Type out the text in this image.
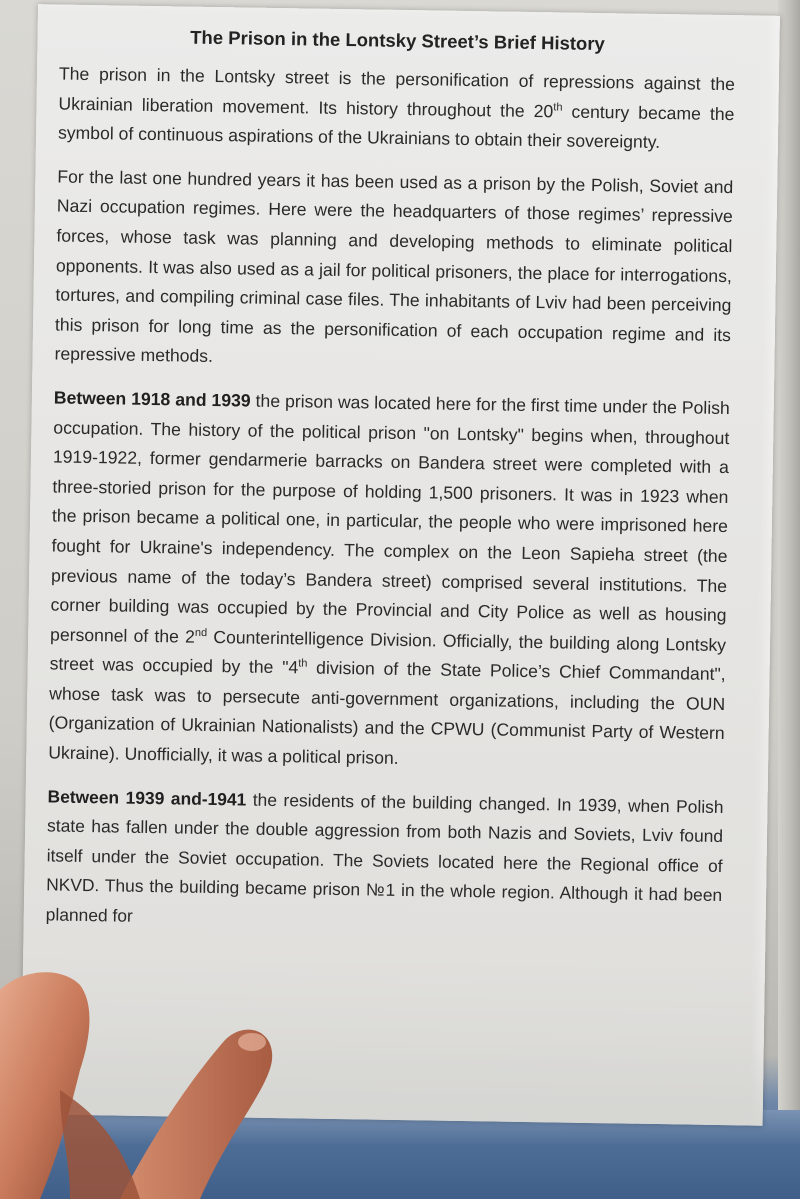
The Prison in the Lontsky Street’s Brief History

The prison in the Lontsky street is the personification of repressions against the Ukrainian liberation movement. Its history throughout the 20th century became the symbol of continuous aspirations of the Ukrainians to obtain their sovereignty.

For the last one hundred years it has been used as a prison by the Polish, Soviet and Nazi occupation regimes. Here were the headquarters of those regimes’ repressive forces, whose task was planning and developing methods to eliminate political opponents. It was also used as a jail for political prisoners, the place for interrogations, tortures, and compiling criminal case files. The inhabitants of Lviv had been perceiving this prison for long time as the personification of each occupation regime and its repressive methods.

Between 1918 and 1939 the prison was located here for the first time under the Polish occupation. The history of the political prison "on Lontsky" begins when, throughout 1919-1922, former gendarmerie barracks on Bandera street were completed with a three-storied prison for the purpose of holding 1,500 prisoners. It was in 1923 when the prison became a political one, in particular, the people who were imprisoned here fought for Ukraine's independency. The complex on the Leon Sapieha street (the previous name of the today’s Bandera street) comprised several institutions. The corner building was occupied by the Provincial and City Police as well as housing personnel of the 2nd Counterintelligence Division. Officially, the building along Lontsky street was occupied by the "4th division of the State Police’s Chief Commandant", whose task was to persecute anti-government organizations, including the OUN (Organization of Ukrainian Nationalists) and the CPWU (Communist Party of Western Ukraine). Unofficially, it was a political prison.

Between 1939 and-1941 the residents of the building changed. In 1939, when Polish state has fallen under the double aggression from both Nazis and Soviets, Lviv found itself under the Soviet occupation. The Soviets located here the Regional office of NKVD. Thus the building became prison №1 in the whole region. Although it had been planned for
